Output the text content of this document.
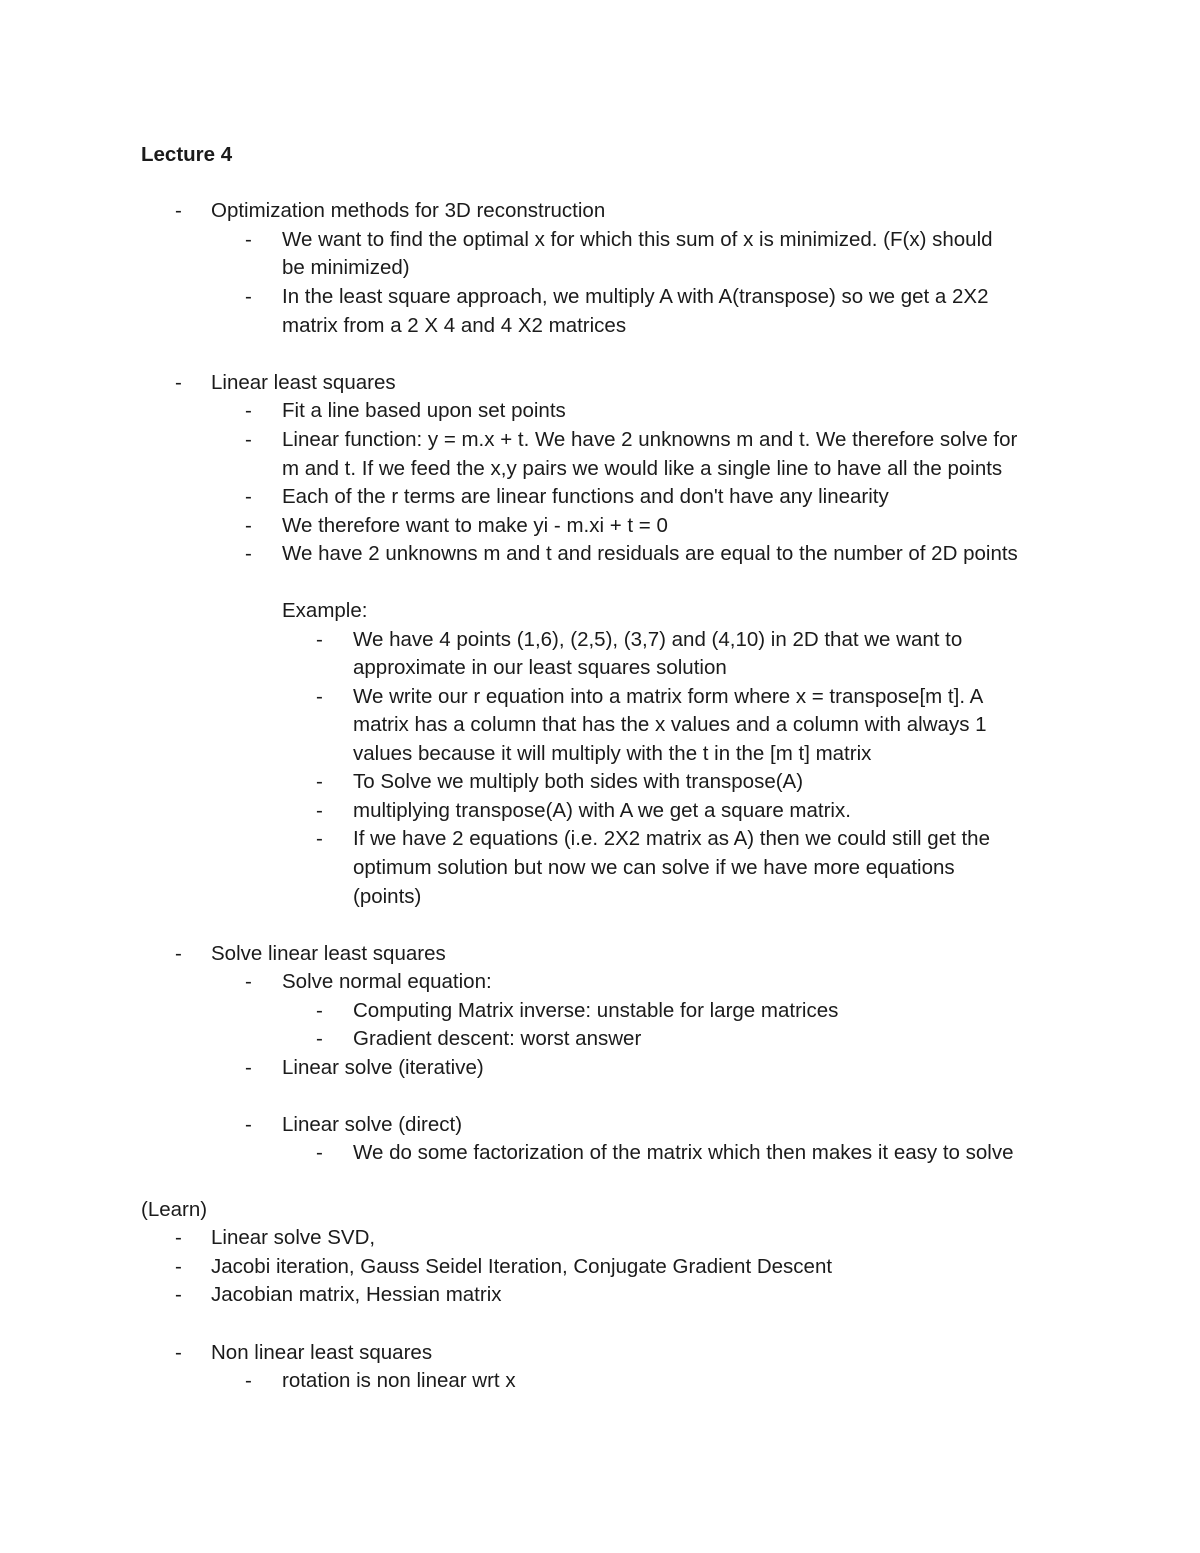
Lecture 4
- Optimization methods for 3D reconstruction
- We want to find the optimal x for which this sum of x is minimized. (F(x) should
be minimized)
- In the least square approach, we multiply A with A(transpose) so we get a 2X2
matrix from a 2 X 4 and 4 X2 matrices
- Linear least squares
- Fit a line based upon set points
- Linear function: y = m.x + t. We have 2 unknowns m and t. We therefore solve for
m and t. If we feed the x,y pairs we would like a single line to have all the points
- Each of the r terms are linear functions and don't have any linearity
- We therefore want to make yi - m.xi + t = 0
- We have 2 unknowns m and t and residuals are equal to the number of 2D points
Example:
- We have 4 points (1,6), (2,5), (3,7) and (4,10) in 2D that we want to
approximate in our least squares solution
- We write our r equation into a matrix form where x = transpose[m t]. A
matrix has a column that has the x values and a column with always 1
values because it will multiply with the t in the [m t] matrix
- To Solve we multiply both sides with transpose(A)
- multiplying transpose(A) with A we get a square matrix.
- If we have 2 equations (i.e. 2X2 matrix as A) then we could still get the
optimum solution but now we can solve if we have more equations
(points)
- Solve linear least squares
- Solve normal equation:
- Computing Matrix inverse: unstable for large matrices
- Gradient descent: worst answer
- Linear solve (iterative)
- Linear solve (direct)
- We do some factorization of the matrix which then makes it easy to solve
(Learn)
- Linear solve SVD,
- Jacobi iteration, Gauss Seidel Iteration, Conjugate Gradient Descent
- Jacobian matrix, Hessian matrix
- Non linear least squares
- rotation is non linear wrt x
